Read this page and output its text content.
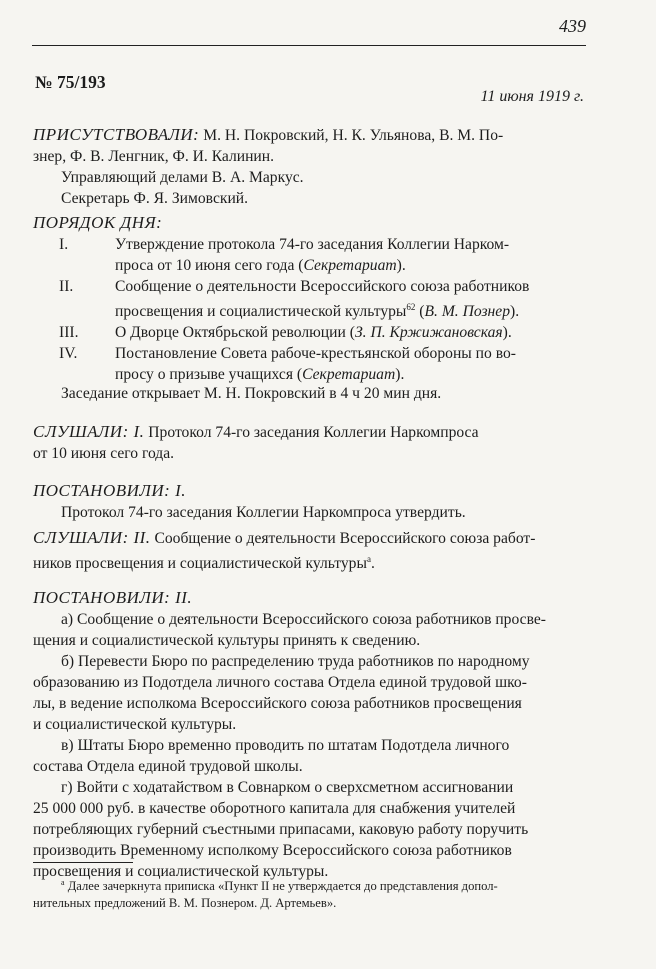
439
№ 75/193
11 июня 1919 г.
ПРИСУТСТВОВАЛИ: М. Н. Покровский, Н. К. Ульянова, В. М. По-
знер, Ф. В. Ленгник, Ф. И. Калинин.
Управляющий делами В. А. Маркус.
Секретарь Ф. Я. Зимовский.
ПОРЯДОК ДНЯ:
I.	Утверждение протокола 74-го заседания Коллегии Нарком-
проса от 10 июня сего года (Секретариат).
II.	Сообщение о деятельности Всероссийского союза работников
просвещения и социалистической культуры$^{62}$ (В. М. Познер).
III.	О Дворце Октябрьской революции (З. П. Кржижановская).
IV.	Постановление Совета рабоче-крестьянской обороны по во-
просу о призыве учащихся (Секретариат).
Заседание открывает М. Н. Покровский в 4 ч 20 мин дня.
СЛУШАЛИ: I. Протокол 74-го заседания Коллегии Наркомпроса
от 10 июня сего года.
ПОСТАНОВИЛИ: I.
Протокол 74-го заседания Коллегии Наркомпроса утвердить.
СЛУШАЛИ: II. Сообщение о деятельности Всероссийского союза работ-
ников просвещения и социалистической культуры$^а$.
ПОСТАНОВИЛИ: II.
а) Сообщение о деятельности Всероссийского союза работников просве-
щения и социалистической культуры принять к сведению.
б) Перевести Бюро по распределению труда работников по народному
образованию из Подотдела личного состава Отдела единой трудовой шко-
лы, в ведение исполкома Всероссийского союза работников просвещения
и социалистической культуры.
в) Штаты Бюро временно проводить по штатам Подотдела личного
состава Отдела единой трудовой школы.
г) Войти с ходатайством в Совнарком о сверхсметном ассигновании
25 000 000 руб. в качестве оборотного капитала для снабжения учителей
потребляющих губерний съестными припасами, каковую работу поручить
производить Временному исполкому Всероссийского союза работников
просвещения и социалистической культуры.
$^а$ Далее зачеркнута приписка «Пункт II не утверждается до представления допол-
нительных предложений В. М. Познером. Д. Артемьев».
